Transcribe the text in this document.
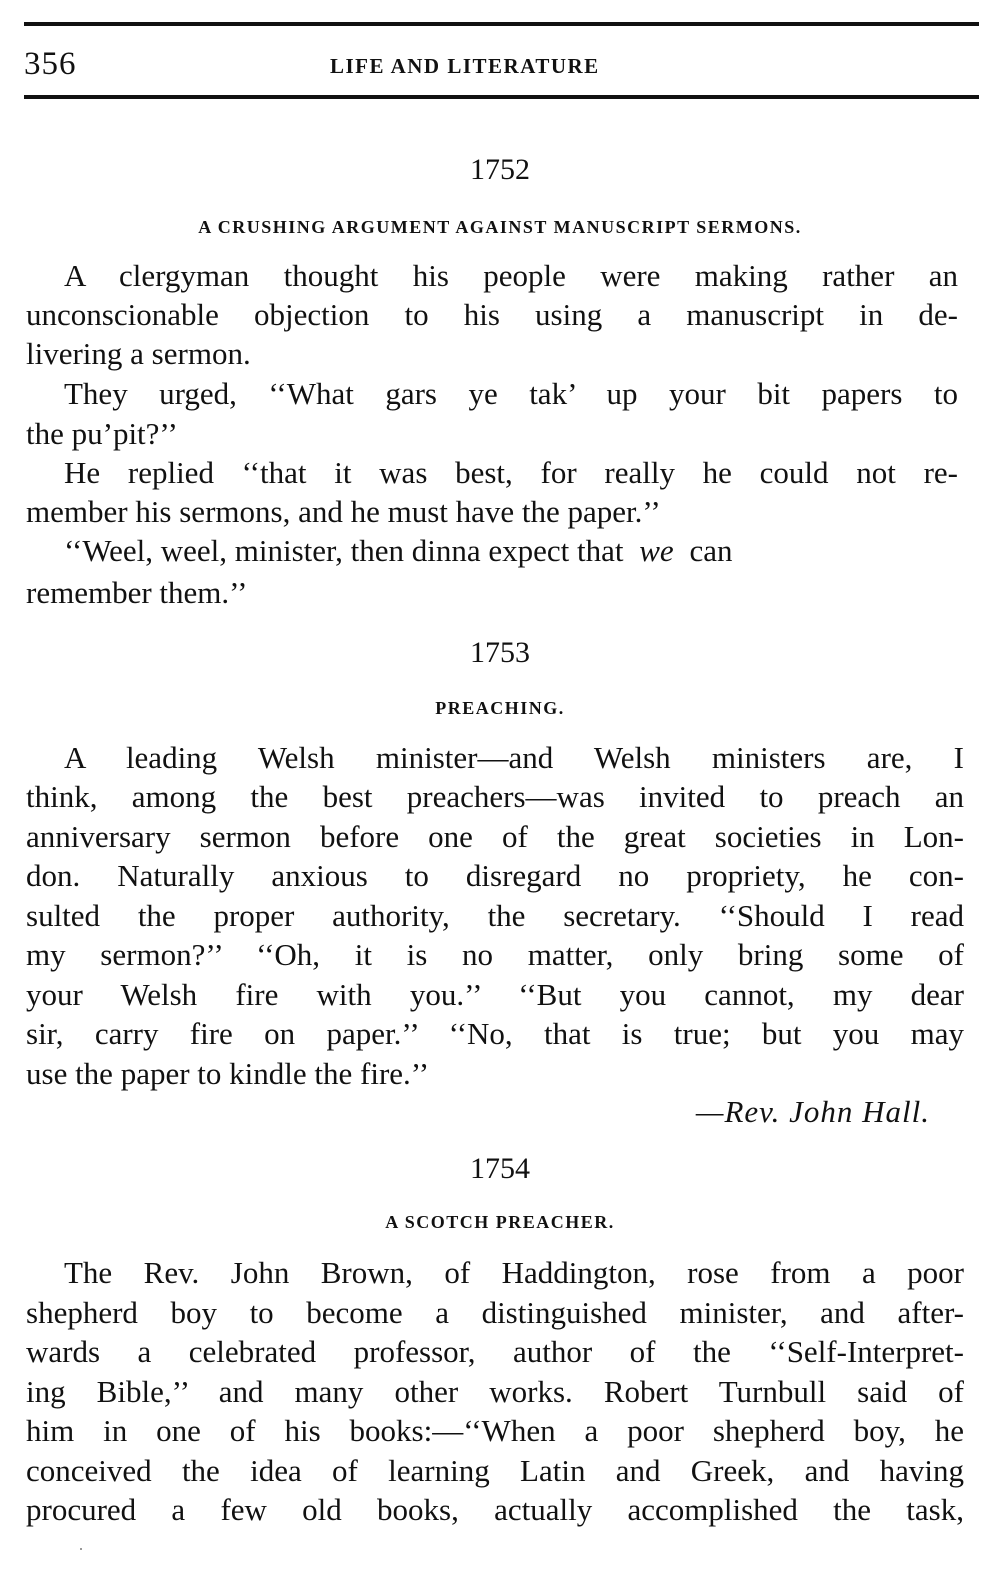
356	LIFE AND LITERATURE
1752
A CRUSHING ARGUMENT AGAINST MANUSCRIPT SERMONS.
A clergyman thought his people were making rather an
unconscionable objection to his using a manuscript in de-
livering a sermon.
They urged, ‘‘What gars ye tak’ up your bit papers to
the pu’pit?’’
He replied ‘‘that it was best, for really he could not re-
member his sermons, and he must have the paper.’’
‘‘Weel, weel, minister, then dinna expect that we can
remember them.’’
1753
PREACHING.
A leading Welsh minister—and Welsh ministers are, I
think, among the best preachers—was invited to preach an
anniversary sermon before one of the great societies in Lon-
don. Naturally anxious to disregard no propriety, he con-
sulted the proper authority, the secretary. ‘‘Should I read
my sermon?’’ ‘‘Oh, it is no matter, only bring some of
your Welsh fire with you.’’ ‘‘But you cannot, my dear
sir, carry fire on paper.’’ ‘‘No, that is true; but you may
use the paper to kindle the fire.’’
—Rev. John Hall.
1754
A SCOTCH PREACHER.
The Rev. John Brown, of Haddington, rose from a poor
shepherd boy to become a distinguished minister, and after-
wards a celebrated professor, author of the ‘‘Self-Interpret-
ing Bible,’’ and many other works. Robert Turnbull said of
him in one of his books:—‘‘When a poor shepherd boy, he
conceived the idea of learning Latin and Greek, and having
procured a few old books, actually accomplished the task,
